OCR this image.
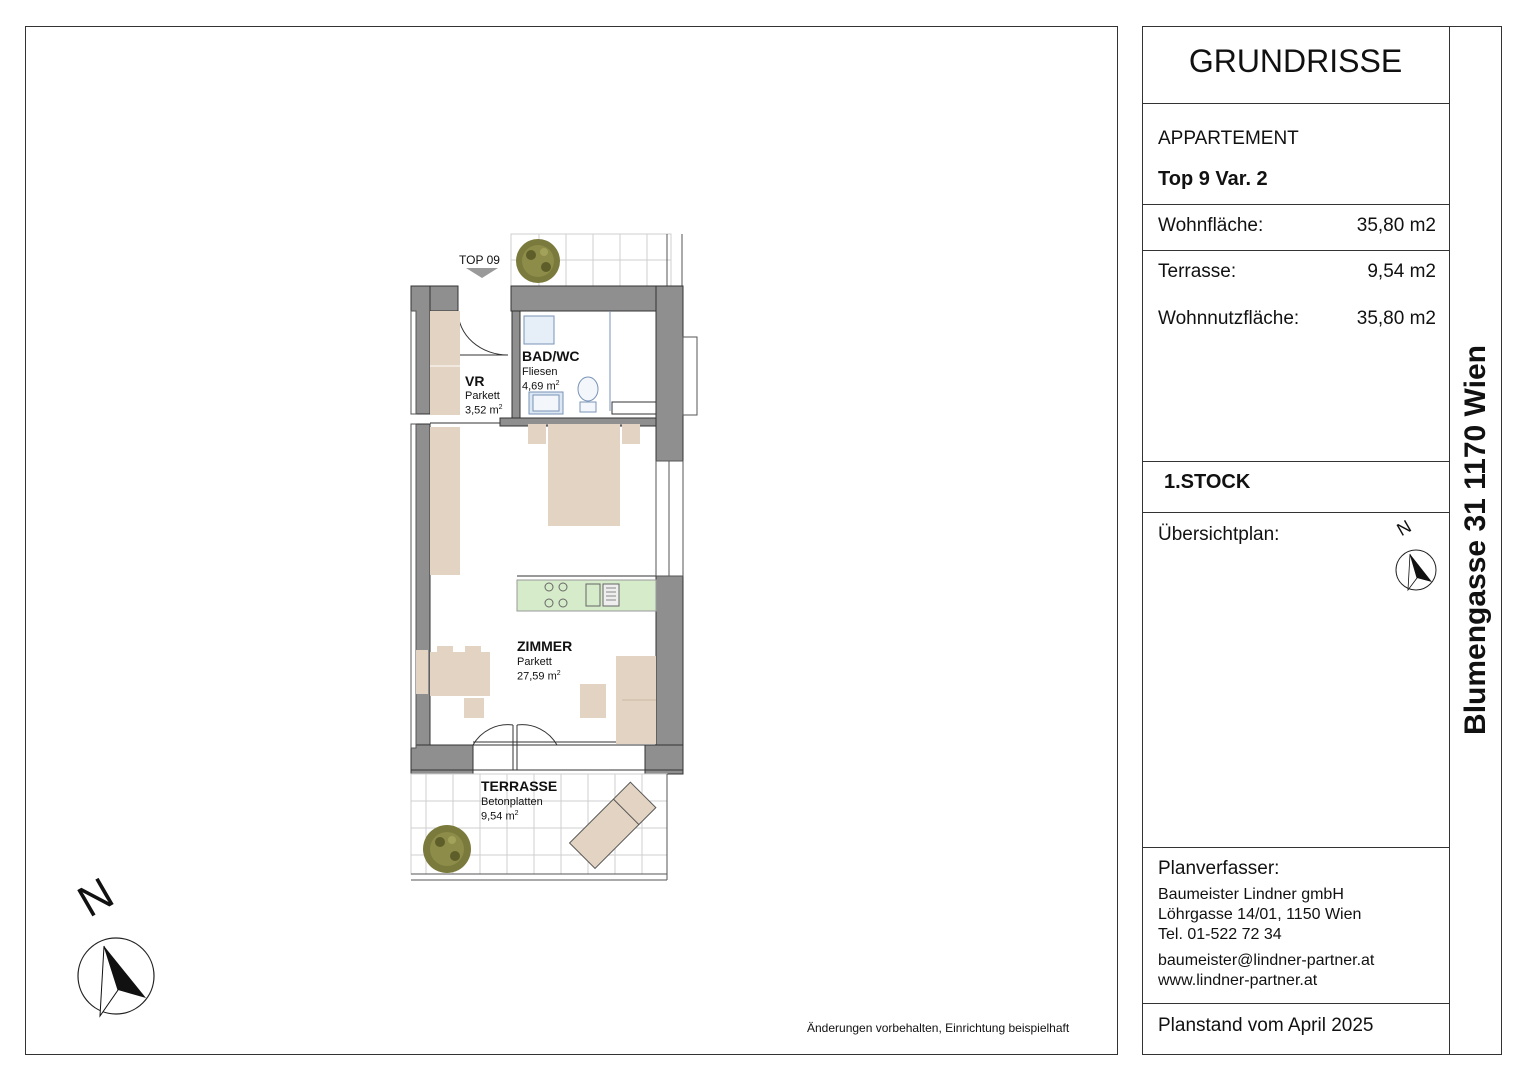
N
N
TOP 09
VR
Parkett
3,52 $m^2$
BAD/WC
Fliesen
4,69 $m^2$
ZIMMER
Parkett
27,59 $m^2$
TERRASSE
Betonplatten
9,54 $m^2$
Änderungen vorbehalten, Einrichtung beispielhaft
GRUNDRISSE
APPARTEMENT
Top 9 Var. 2
Wohnfläche:	35,80 m2
Terrasse:	9,54 m2
Wohnnutzfläche:	35,80 m2
1.STOCK
Übersichtplan:
Planverfasser:
Baumeister Lindner gmbH
Löhrgasse 14/01, 1150 Wien
Tel. 01-522 72 34
baumeister@lindner-partner.at
www.lindner-partner.at
Planstand vom April 2025
Blumengasse 31 1170 Wien
